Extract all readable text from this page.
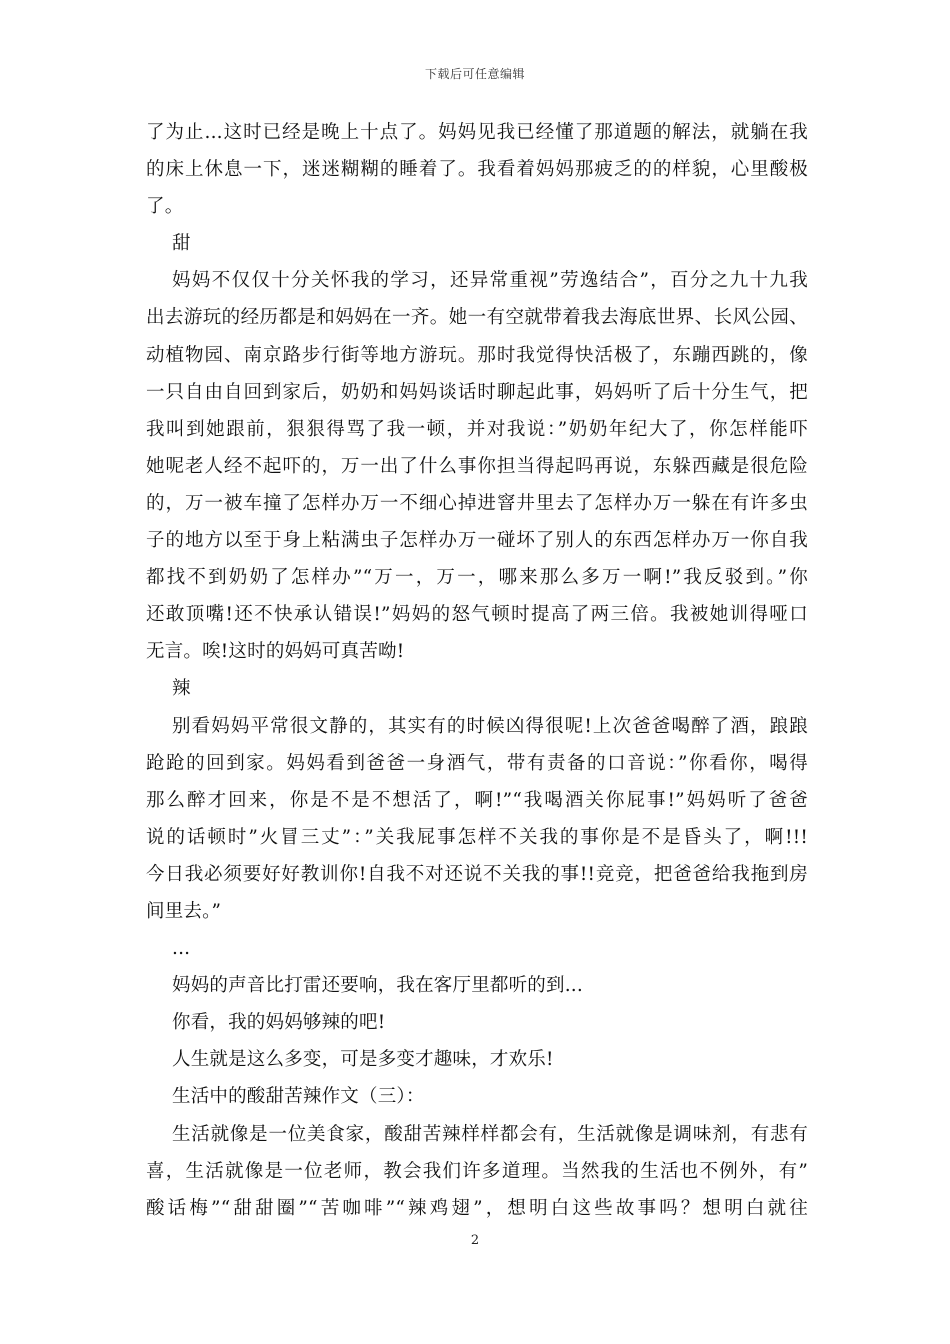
下载后可任意编辑
了为止...这时已经是晚上十点了。妈妈见我已经懂了那道题的解法，就躺在我
的床上休息一下，迷迷糊糊的睡着了。我看着妈妈那疲乏的的样貌，心里酸极
了。
甜
妈妈不仅仅十分关怀我的学习，还异常重视”劳逸结合”，百分之九十九我
出去游玩的经历都是和妈妈在一齐。她一有空就带着我去海底世界、长风公园、
动植物园、南京路步行街等地方游玩。那时我觉得快活极了，东蹦西跳的，像
一只自由自回到家后，奶奶和妈妈谈话时聊起此事，妈妈听了后十分生气，把
我叫到她跟前，狠狠得骂了我一顿，并对我说：”奶奶年纪大了，你怎样能吓
她呢老人经不起吓的，万一出了什么事你担当得起吗再说，东躲西藏是很危险
的，万一被车撞了怎样办万一不细心掉进窨井里去了怎样办万一躲在有许多虫
子的地方以至于身上粘满虫子怎样办万一碰坏了别人的东西怎样办万一你自我
都找不到奶奶了怎样办”“万一，万一，哪来那么多万一啊!”我反驳到。”你
还敢顶嘴!还不快承认错误!”妈妈的怒气顿时提高了两三倍。我被她训得哑口
无言。唉!这时的妈妈可真苦呦!
辣
别看妈妈平常很文静的，其实有的时候凶得很呢!上次爸爸喝醉了酒，踉踉
跄跄的回到家。妈妈看到爸爸一身酒气，带有责备的口音说：”你看你，喝得
那么醉才回来，你是不是不想活了，啊!”“我喝酒关你屁事!”妈妈听了爸爸
说的话顿时”火冒三丈”：”关我屁事怎样不关我的事你是不是昏头了，啊!!!
今日我必须要好好教训你!自我不对还说不关我的事!!竞竞，把爸爸给我拖到房
间里去。”
...
妈妈的声音比打雷还要响，我在客厅里都听的到...
你看，我的妈妈够辣的吧!
人生就是这么多变，可是多变才趣味，才欢乐!
生活中的酸甜苦辣作文（三）：
生活就像是一位美食家，酸甜苦辣样样都会有，生活就像是调味剂，有悲有
喜，生活就像是一位老师，教会我们许多道理。当然我的生活也不例外，有”
酸话梅”“甜甜圈”“苦咖啡”“辣鸡翅”，想明白这些故事吗？想明白就往
2
